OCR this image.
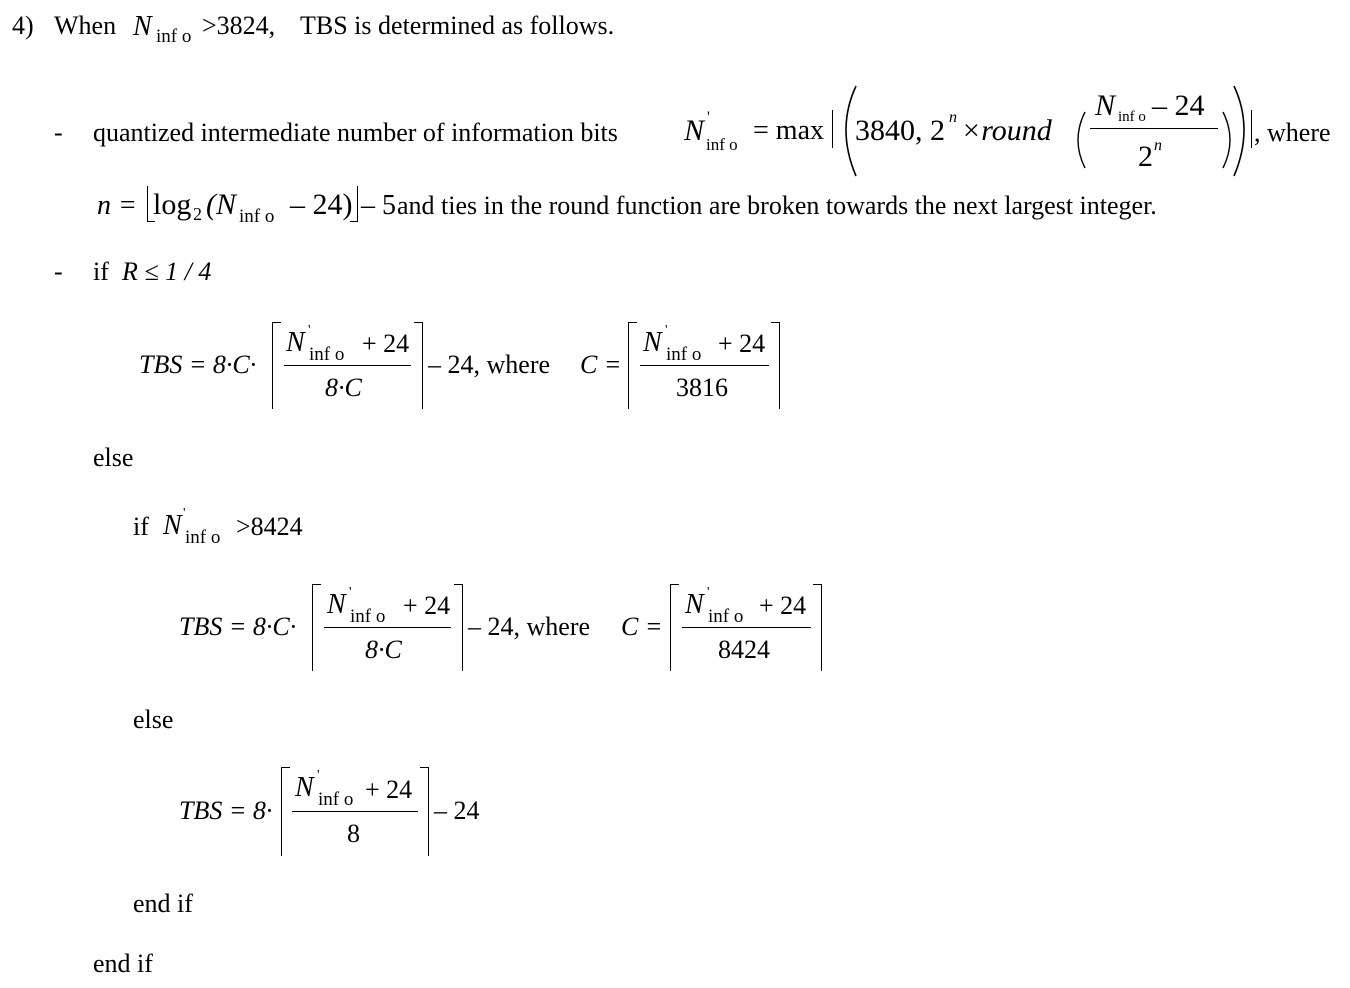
4) When N inf o >3824, TBS is determined as follows.
- quantized intermediate number of information bits N '
inf o = max 3840, 2 n ×round
N inf o – 24
2 n	, where
n = log 2 (N inf o – 24) – 5 and ties in the round function are broken towards the next largest integer.
- if R ≤ 1 / 4
TBS = 8·C·
N '
inf o + 24
8·C
– 24, where C =
N '
inf o + 24
3816
else
if N '
inf o >8424
TBS = 8·C·
N '
inf o + 24
8·C
– 24, where C =
N '
inf o + 24
8424
else
TBS = 8·
N '
inf o + 24
8
– 24
end if
end if
